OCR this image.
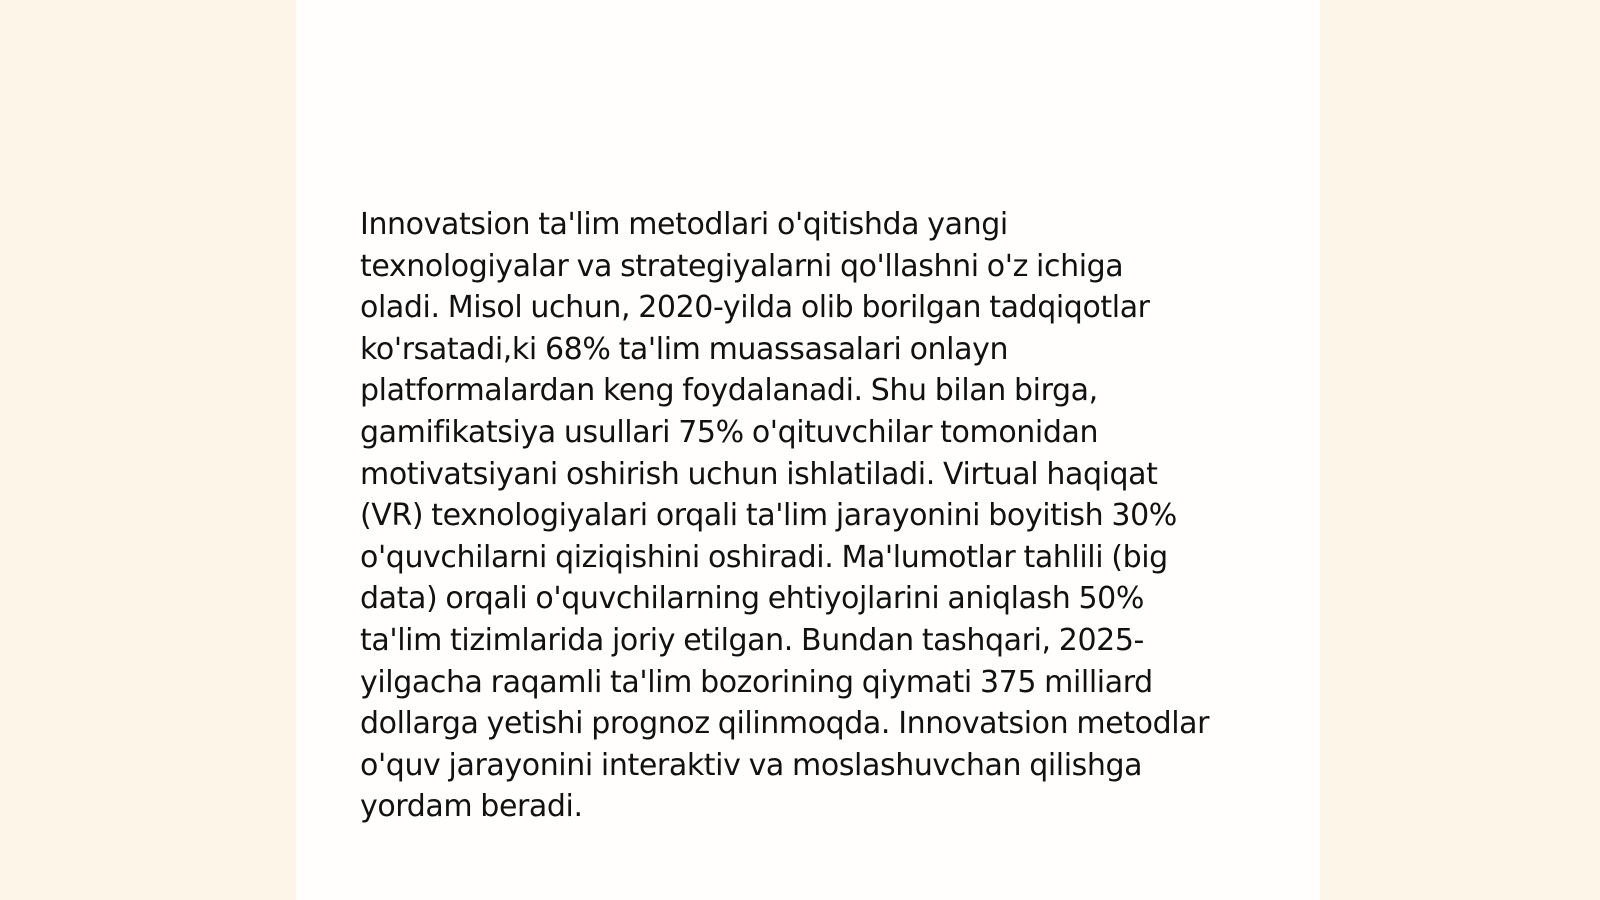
Innovatsion ta'lim metodlari o'qitishda yangi texnologiyalar va strategiyalarni qo'llashni o'z ichiga oladi. Misol uchun, 2020-yilda olib borilgan tadqiqotlar ko'rsatadi,ki 68% ta'lim muassasalari onlayn platformalardan keng foydalanadi. Shu bilan birga, gamifikatsiya usullari 75% o'qituvchilar tomonidan motivatsiyani oshirish uchun ishlatiladi. Virtual haqiqat (VR) texnologiyalari orqali ta'lim jarayonini boyitish 30% o'quvchilarni qiziqishini oshiradi. Ma'lumotlar tahlili (big data) orqali o'quvchilarning ehtiyojlarini aniqlash 50% ta'lim tizimlarida joriy etilgan. Bundan tashqari, 2025-yilgacha raqamli ta'lim bozorining qiymati 375 milliard dollarga yetishi prognoz qilinmoqda. Innovatsion metodlar o'quv jarayonini interaktiv va moslashuvchan qilishga yordam beradi.
